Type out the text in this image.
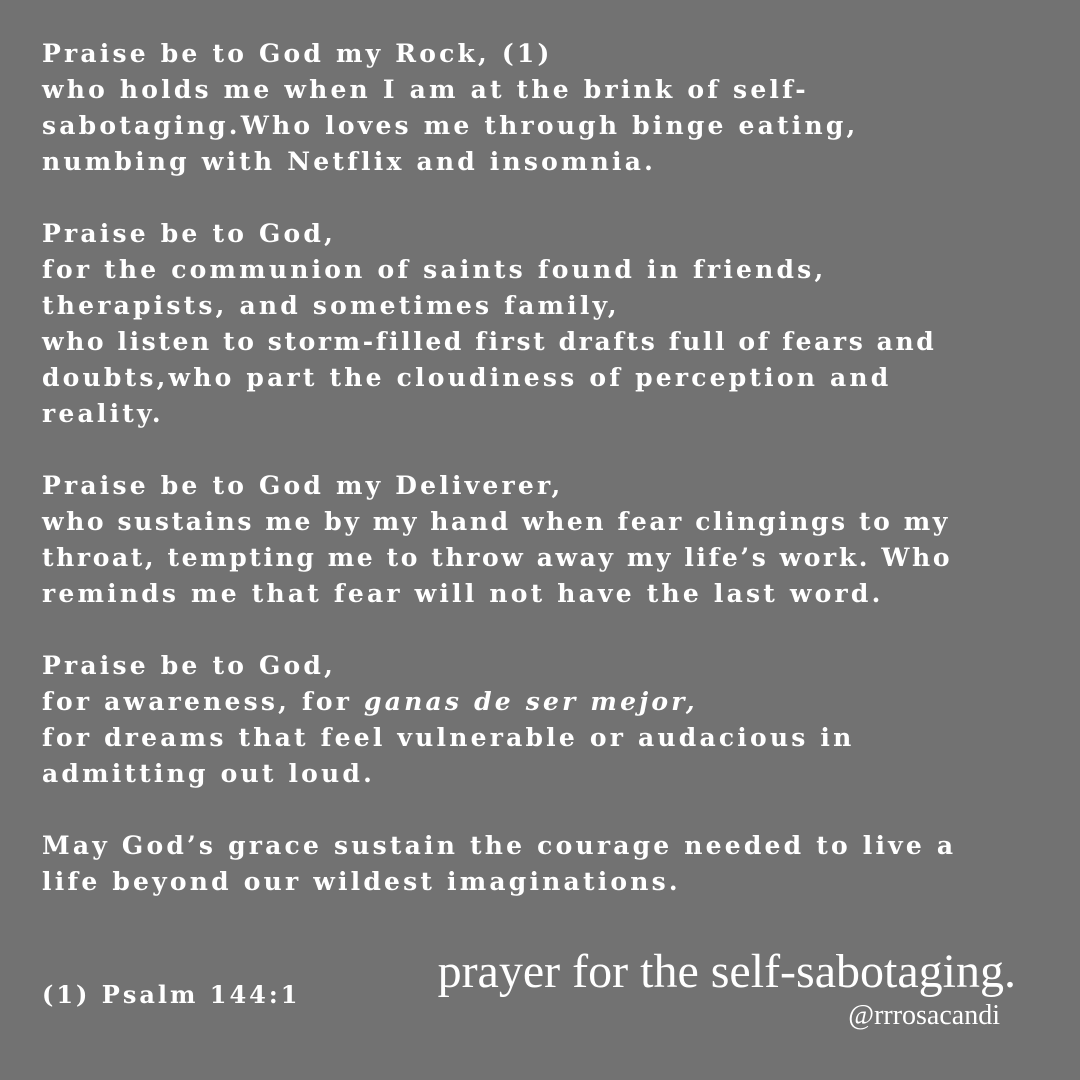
Praise be to God my Rock, (1)
who holds me when I am at the brink of self-
sabotaging.Who loves me through binge eating,
numbing with Netflix and insomnia.
Praise be to God,
for the communion of saints found in friends,
therapists, and sometimes family,
who listen to storm-filled first drafts full of fears and
doubts,who part the cloudiness of perception and
reality.
Praise be to God my Deliverer,
who sustains me by my hand when fear clingings to my
throat, tempting me to throw away my life’s work. Who
reminds me that fear will not have the last word.
Praise be to God,
for awareness, for ganas de ser mejor,
for dreams that feel vulnerable or audacious in
admitting out loud.
May God’s grace sustain the courage needed to live a
life beyond our wildest imaginations.
(1) Psalm 144:1	prayer for the self-sabotaging.
@rrrosacandi
